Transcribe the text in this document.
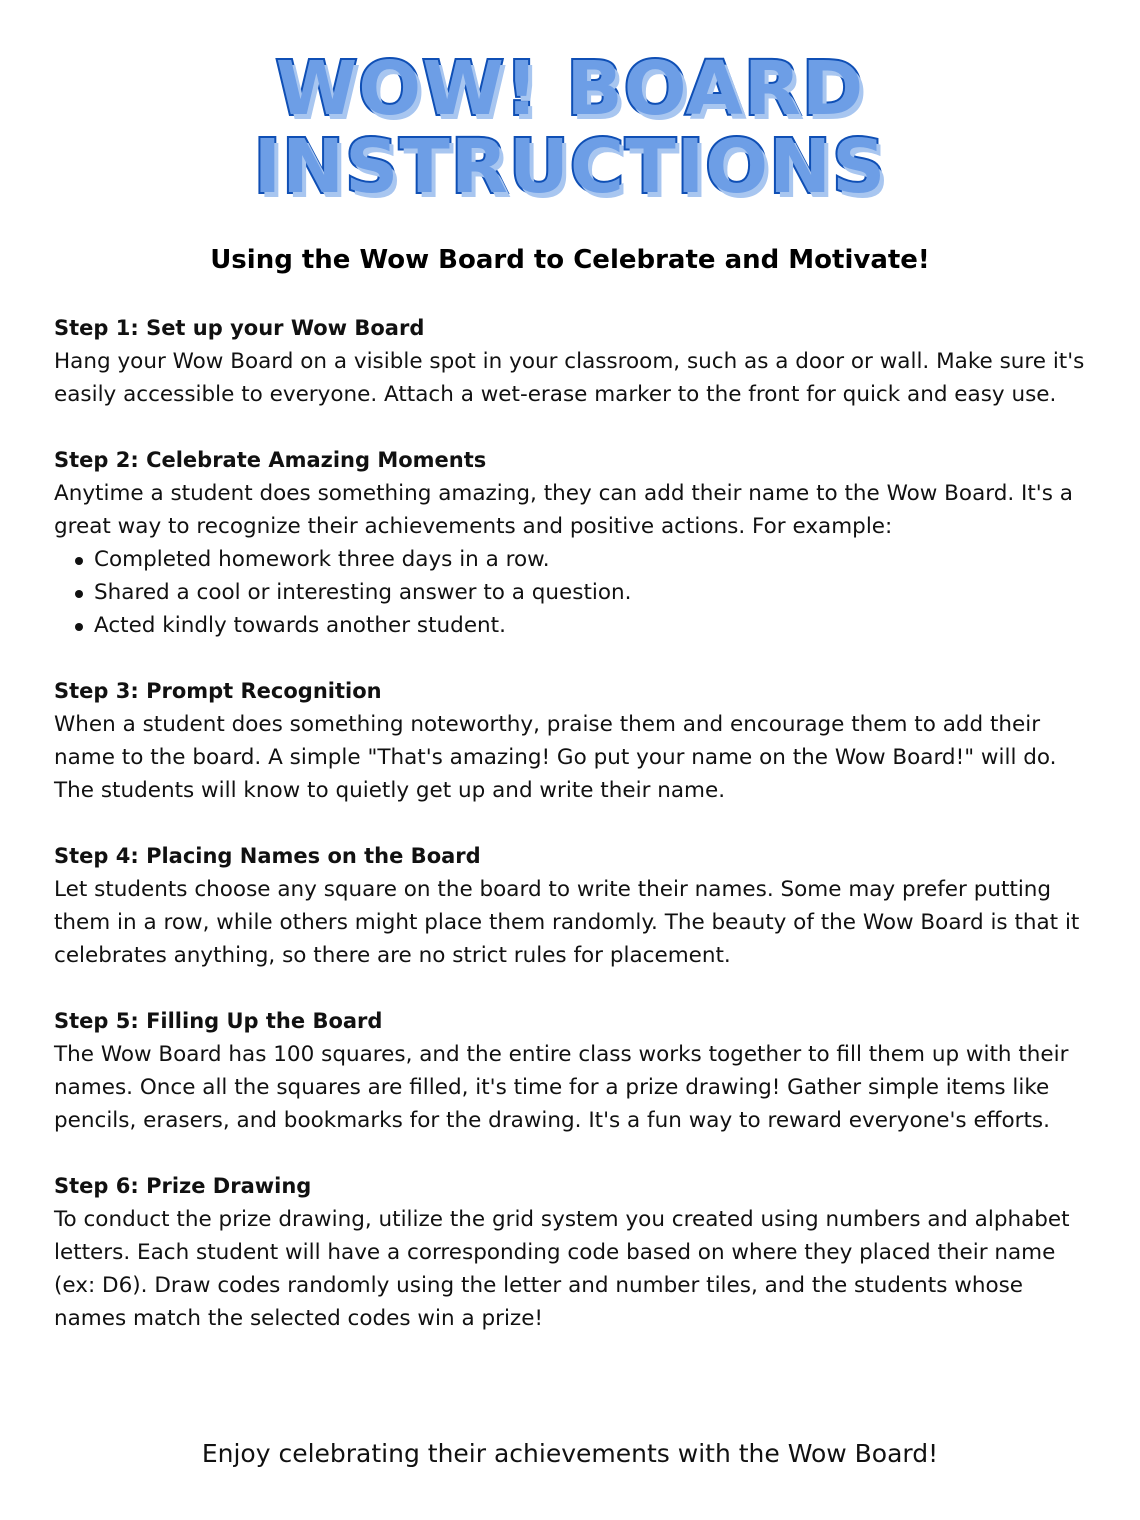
WOW! BOARD
INSTRUCTIONS
Using the Wow Board to Celebrate and Motivate!
Step 1: Set up your Wow Board
Hang your Wow Board on a visible spot in your classroom, such as a door or wall. Make sure it's easily accessible to everyone. Attach a wet-erase marker to the front for quick and easy use.
Step 2: Celebrate Amazing Moments
Anytime a student does something amazing, they can add their name to the Wow Board. It's a great way to recognize their achievements and positive actions. For example:
Completed homework three days in a row.
Shared a cool or interesting answer to a question.
Acted kindly towards another student.
Step 3: Prompt Recognition
When a student does something noteworthy, praise them and encourage them to add their name to the board. A simple "That's amazing! Go put your name on the Wow Board!" will do. The students will know to quietly get up and write their name.
Step 4: Placing Names on the Board
Let students choose any square on the board to write their names. Some may prefer putting them in a row, while others might place them randomly. The beauty of the Wow Board is that it celebrates anything, so there are no strict rules for placement.
Step 5: Filling Up the Board
The Wow Board has 100 squares, and the entire class works together to fill them up with their names. Once all the squares are filled, it's time for a prize drawing! Gather simple items like pencils, erasers, and bookmarks for the drawing. It's a fun way to reward everyone's efforts.
Step 6: Prize Drawing
To conduct the prize drawing, utilize the grid system you created using numbers and alphabet letters. Each student will have a corresponding code based on where they placed their name (ex: D6). Draw codes randomly using the letter and number tiles, and the students whose names match the selected codes win a prize!
Enjoy celebrating their achievements with the Wow Board!
